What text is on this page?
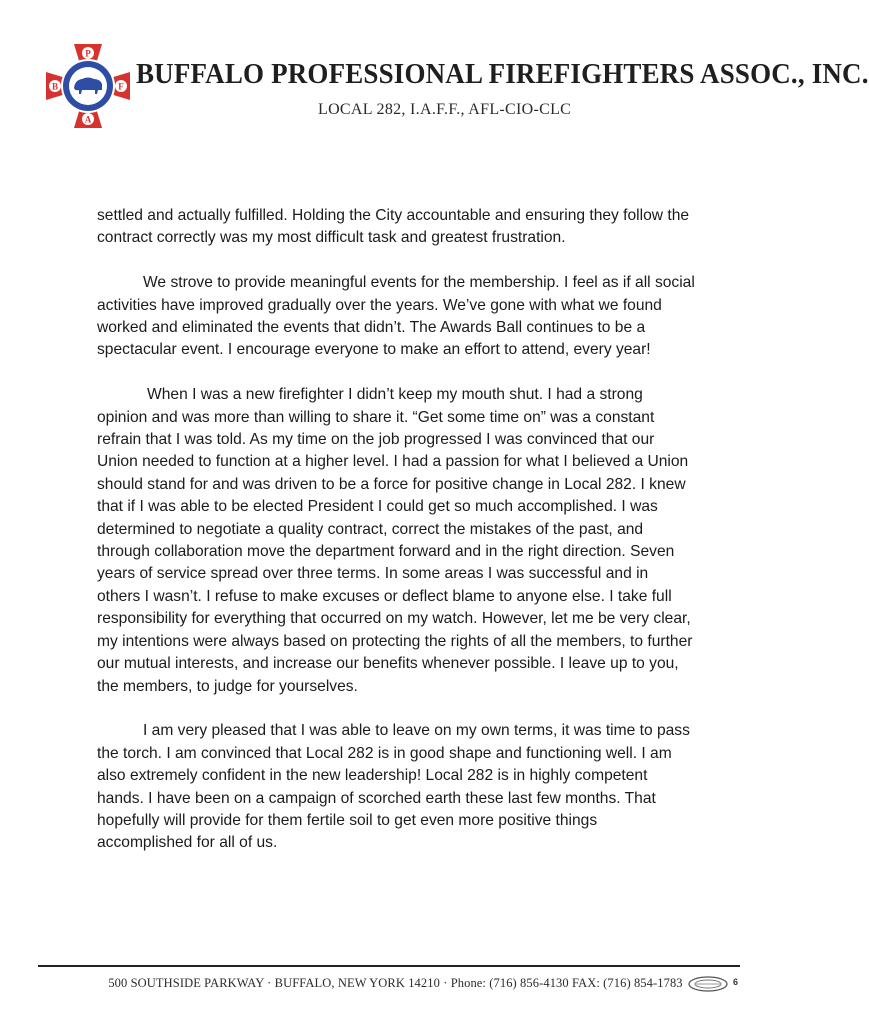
P
B	F
A
BUFFALO PROFESSIONAL FIREFIGHTERS ASSOC., INC.

LOCAL 282, I.A.F.F., AFL-CIO-CLC

settled and actually fulfilled. Holding the City accountable and ensuring they follow the contract correctly was my most difficult task and greatest frustration.

We strove to provide meaningful events for the membership. I feel as if all social activities have improved gradually over the years. We’ve gone with what we found worked and eliminated the events that didn’t. The Awards Ball continues to be a spectacular event. I encourage everyone to make an effort to attend, every year!

When I was a new firefighter I didn’t keep my mouth shut. I had a strong opinion and was more than willing to share it. “Get some time on” was a constant refrain that I was told. As my time on the job progressed I was convinced that our Union needed to function at a higher level. I had a passion for what I believed a Union should stand for and was driven to be a force for positive change in Local 282. I knew that if I was able to be elected President I could get so much accomplished. I was determined to negotiate a quality contract, correct the mistakes of the past, and through collaboration move the department forward and in the right direction. Seven years of service spread over three terms. In some areas I was successful and in others I wasn’t. I refuse to make excuses or deflect blame to anyone else. I take full responsibility for everything that occurred on my watch. However, let me be very clear, my intentions were always based on protecting the rights of all the members, to further our mutual interests, and increase our benefits whenever possible. I leave up to you, the members, to judge for yourselves.

I am very pleased that I was able to leave on my own terms, it was time to pass the torch. I am convinced that Local 282 is in good shape and functioning well. I am also extremely confident in the new leadership! Local 282 is in highly competent hands. I have been on a campaign of scorched earth these last few months. That hopefully will provide for them fertile soil to get even more positive things accomplished for all of us.

500 SOUTHSIDE PARKWAY · BUFFALO, NEW YORK 14210 · Phone: (716) 856-4130 FAX: (716) 854-1783	6
